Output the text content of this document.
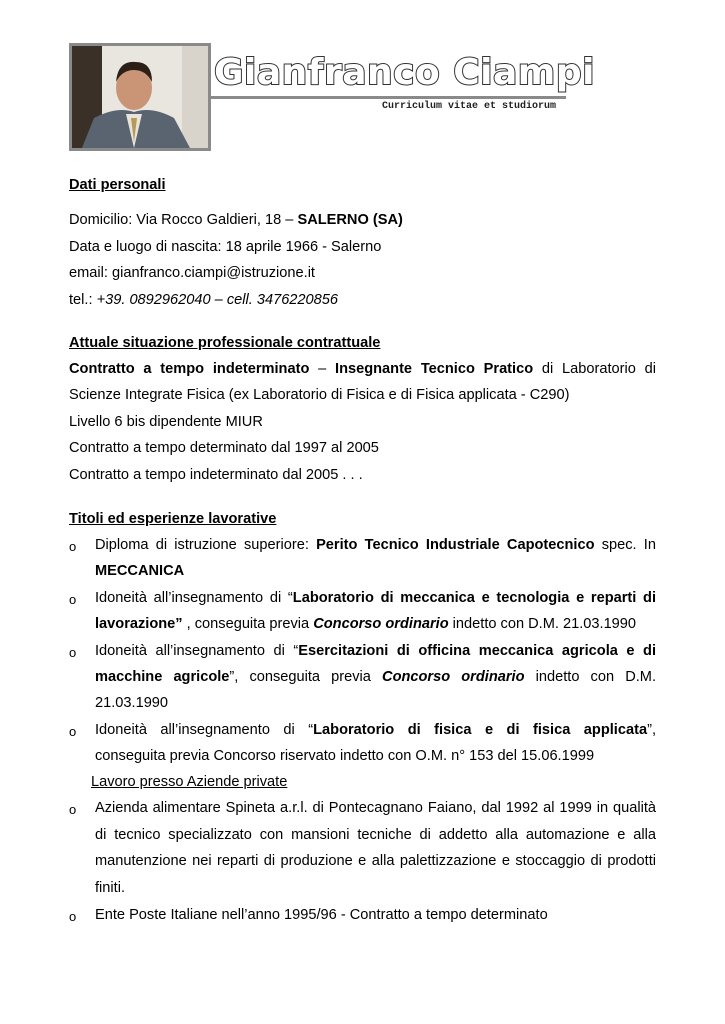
Gianfranco Ciampi
Curriculum vitae et studiorum
Dati personali
Domicilio: Via Rocco Galdieri, 18 – SALERNO (SA)
Data e luogo di nascita: 18 aprile 1966 - Salerno
email: gianfranco.ciampi@istruzione.it
tel.: +39. 0892962040 – cell. 3476220856
Attuale situazione professionale contrattuale
Contratto a tempo indeterminato – Insegnante Tecnico Pratico di Laboratorio di
Scienze Integrate Fisica (ex Laboratorio di Fisica e di Fisica applicata - C290)
Livello 6 bis dipendente MIUR
Contratto a tempo determinato dal 1997 al 2005
Contratto a tempo indeterminato dal 2005 . . .
Titoli ed esperienze lavorative
o Diploma di istruzione superiore: Perito Tecnico Industriale Capotecnico spec. In
MECCANICA
o Idoneità all’insegnamento di “Laboratorio di meccanica e tecnologia e reparti di
lavorazione” , conseguita previa Concorso ordinario indetto con D.M. 21.03.1990
o Idoneità all’insegnamento di “Esercitazioni di officina meccanica agricola e di
macchine agricole”, conseguita previa Concorso ordinario indetto con D.M.
21.03.1990
o Idoneità all’insegnamento di “Laboratorio di fisica e di fisica applicata”,
conseguita previa Concorso riservato indetto con O.M. n° 153 del 15.06.1999
Lavoro presso Aziende private
o Azienda alimentare Spineta a.r.l. di Pontecagnano Faiano, dal 1992 al 1999 in qualità
di tecnico specializzato con mansioni tecniche di addetto alla automazione e alla
manutenzione nei reparti di produzione e alla palettizzazione e stoccaggio di prodotti
finiti.
o Ente Poste Italiane nell’anno 1995/96 - Contratto a tempo determinato
